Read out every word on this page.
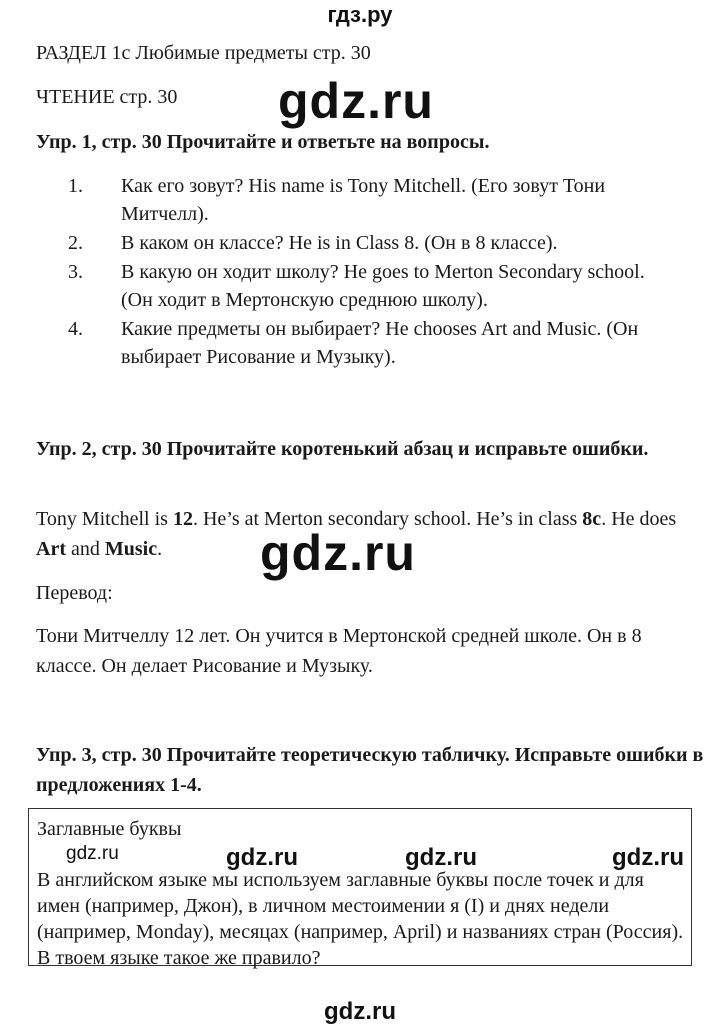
гдз.ру
РАЗДЕЛ 1с Любимые предметы стр. 30
ЧТЕНИЕ стр. 30 gdz.ru
Упр. 1, стр. 30 Прочитайте и ответьте на вопросы.
1. Как его зовут? His name is Tony Mitchell. (Его зовут Тони Митчелл).
2. В каком он классе? He is in Class 8. (Он в 8 классе).
3. В какую он ходит школу? He goes to Merton Secondary school. (Он ходит в Мертонскую среднюю школу).
4. Какие предметы он выбирает? He chooses Art and Music. (Он выбирает Рисование и Музыку).
Упр. 2, стр. 30 Прочитайте коротенький абзац и исправьте ошибки.
Tony Mitchell is 12. He’s at Merton secondary school. He’s in class 8c. He does Art and Music.	gdz.ru
Перевод:
Тони Митчеллу 12 лет. Он учится в Мертонской средней школе. Он в 8 классе. Он делает Рисование и Музыку.
Упр. 3, стр. 30 Прочитайте теоретическую табличку. Исправьте ошибки в предложениях 1-4.
Заглавные буквы
В английском языке мы используем заглавные буквы после точек и для имен (например, Джон), в личном местоимении я (I) и днях недели (например, Monday), месяцах (например, April) и названиях стран (Россия). В твоем языке такое же правило?
gdz.ru	gdz.ru	gdz.ru	gdz.ru
gdz.ru
